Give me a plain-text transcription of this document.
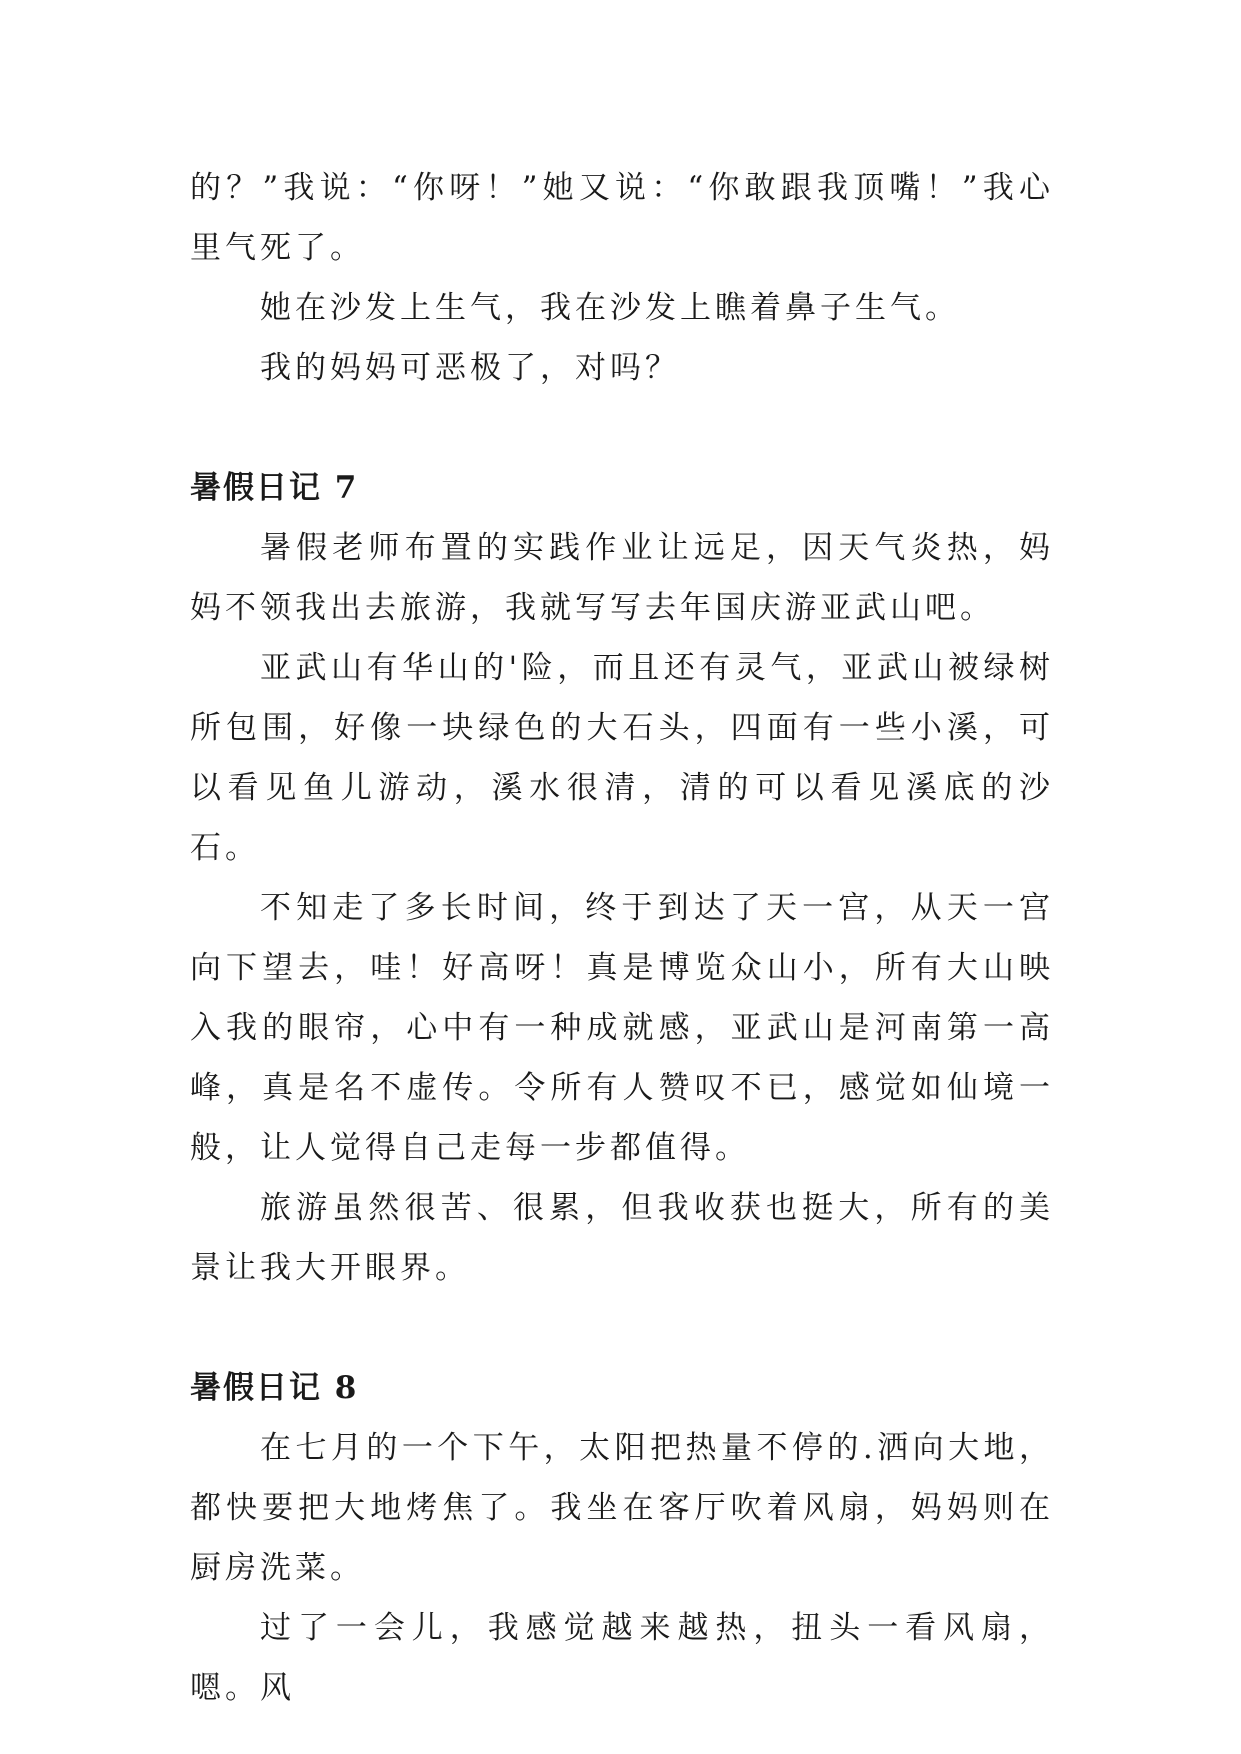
的？”我说：“你呀！”她又说：“你敢跟我顶嘴！”我心里气死了。

她在沙发上生气，我在沙发上瞧着鼻子生气。

我的妈妈可恶极了，对吗？

暑假日记 7

暑假老师布置的实践作业让远足，因天气炎热，妈妈不领我出去旅游，我就写写去年国庆游亚武山吧。

亚武山有华山的'险，而且还有灵气，亚武山被绿树所包围，好像一块绿色的大石头，四面有一些小溪，可以看见鱼儿游动，溪水很清，清的可以看见溪底的沙石。

不知走了多长时间，终于到达了天一宫，从天一宫向下望去，哇！好高呀！真是博览众山小，所有大山映入我的眼帘，心中有一种成就感，亚武山是河南第一高峰，真是名不虚传。令所有人赞叹不已，感觉如仙境一般，让人觉得自己走每一步都值得。

旅游虽然很苦、很累，但我收获也挺大，所有的美景让我大开眼界。

暑假日记 8

在七月的一个下午，太阳把热量不停的.洒向大地，都快要把大地烤焦了。我坐在客厅吹着风扇，妈妈则在厨房洗菜。

过了一会儿，我感觉越来越热，扭头一看风扇，嗯。风
